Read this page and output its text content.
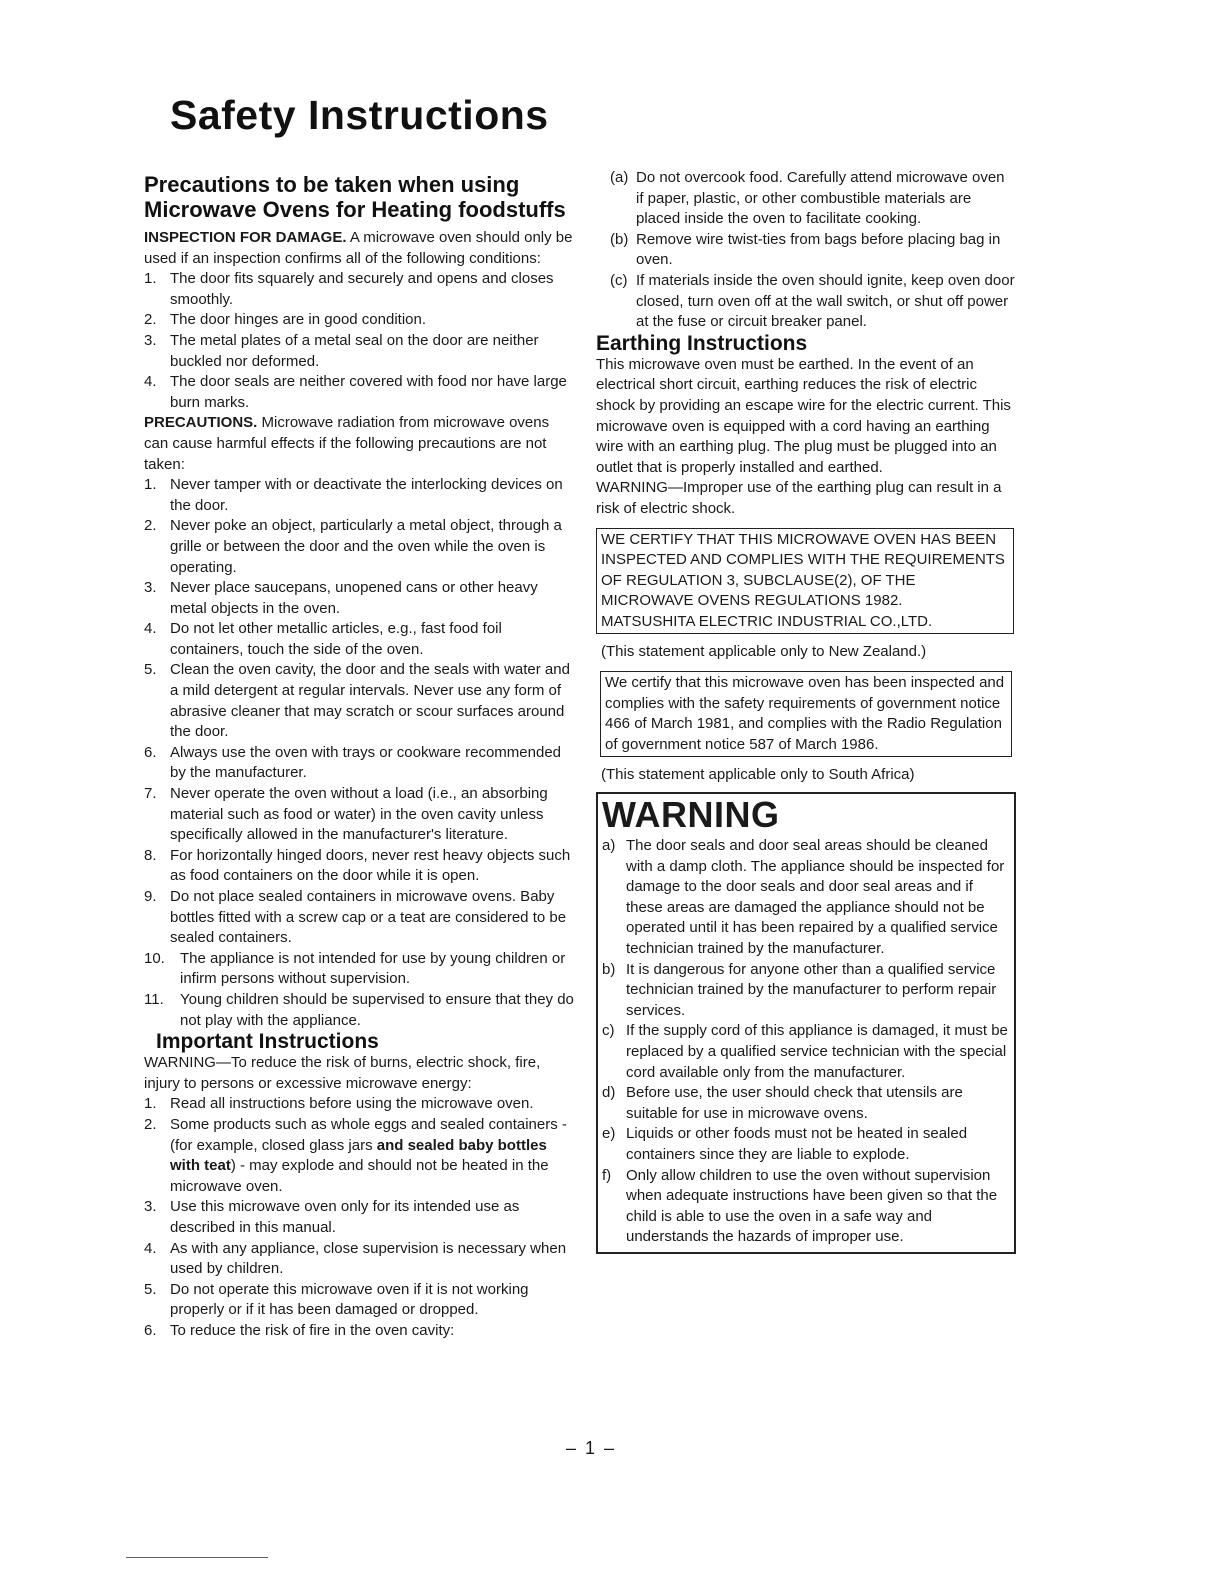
Safety Instructions
Precautions to be taken when using Microwave Ovens for Heating foodstuffs

INSPECTION FOR DAMAGE. A microwave oven should only be used if an inspection confirms all of the following conditions:

1. The door fits squarely and securely and opens and closes smoothly.
2. The door hinges are in good condition.
3. The metal plates of a metal seal on the door are neither buckled nor deformed.
4. The door seals are neither covered with food nor have large burn marks.

PRECAUTIONS. Microwave radiation from microwave ovens can cause harmful effects if the following precautions are not taken:

1. Never tamper with or deactivate the interlocking devices on the door.
2. Never poke an object, particularly a metal object, through a grille or between the door and the oven while the oven is operating.
3. Never place saucepans, unopened cans or other heavy metal objects in the oven.
4. Do not let other metallic articles, e.g., fast food foil containers, touch the side of the oven.
5. Clean the oven cavity, the door and the seals with water and a mild detergent at regular intervals. Never use any form of abrasive cleaner that may scratch or scour surfaces around the door.
6. Always use the oven with trays or cookware recommended by the manufacturer.
7. Never operate the oven without a load (i.e., an absorbing material such as food or water) in the oven cavity unless specifically allowed in the manufacturer's literature.
8. For horizontally hinged doors, never rest heavy objects such as food containers on the door while it is open.
9. Do not place sealed containers in microwave ovens. Baby bottles fitted with a screw cap or a teat are considered to be sealed containers.
10. The appliance is not intended for use by young children or infirm persons without supervision.
11. Young children should be supervised to ensure that they do not play with the appliance.
Important Instructions

WARNING—To reduce the risk of burns, electric shock, fire, injury to persons or excessive microwave energy:

1. Read all instructions before using the microwave oven.
2. Some products such as whole eggs and sealed containers - (for example, closed glass jars and sealed baby bottles with teat) - may explode and should not be heated in the microwave oven.
3. Use this microwave oven only for its intended use as described in this manual.
4. As with any appliance, close supervision is necessary when used by children.
5. Do not operate this microwave oven if it is not working properly or if it has been damaged or dropped.
6. To reduce the risk of fire in the oven cavity:
(a) Do not overcook food. Carefully attend microwave oven if paper, plastic, or other combustible materials are placed inside the oven to facilitate cooking.
(b) Remove wire twist-ties from bags before placing bag in oven.
(c) If materials inside the oven should ignite, keep oven door closed, turn oven off at the wall switch, or shut off power at the fuse or circuit breaker panel.
Earthing Instructions

This microwave oven must be earthed. In the event of an electrical short circuit, earthing reduces the risk of electric shock by providing an escape wire for the electric current. This microwave oven is equipped with a cord having an earthing wire with an earthing plug. The plug must be plugged into an outlet that is properly installed and earthed.

WARNING—Improper use of the earthing plug can result in a risk of electric shock.

WE CERTIFY THAT THIS MICROWAVE OVEN HAS BEEN INSPECTED AND COMPLIES WITH THE REQUIREMENTS OF REGULATION 3, SUBCLAUSE(2), OF THE MICROWAVE OVENS REGULATIONS 1982.

MATSUSHITA ELECTRIC INDUSTRIAL CO.,LTD.

(This statement applicable only to New Zealand.)

We certify that this microwave oven has been inspected and complies with the safety requirements of government notice 466 of March 1981, and complies with the Radio Regulation of government notice 587 of March 1986.

(This statement applicable only to South Africa)

WARNING
a) The door seals and door seal areas should be cleaned with a damp cloth. The appliance should be inspected for damage to the door seals and door seal areas and if these areas are damaged the appliance should not be operated until it has been repaired by a qualified service technician trained by the manufacturer.
b) It is dangerous for anyone other than a qualified service technician trained by the manufacturer to perform repair services.
c) If the supply cord of this appliance is damaged, it must be replaced by a qualified service technician with the special cord available only from the manufacturer.
d) Before use, the user should check that utensils are suitable for use in microwave ovens.
e) Liquids or other foods must not be heated in sealed containers since they are liable to explode.
f) Only allow children to use the oven without supervision when adequate instructions have been given so that the child is able to use the oven in a safe way and understands the hazards of improper use.
– 1 –
